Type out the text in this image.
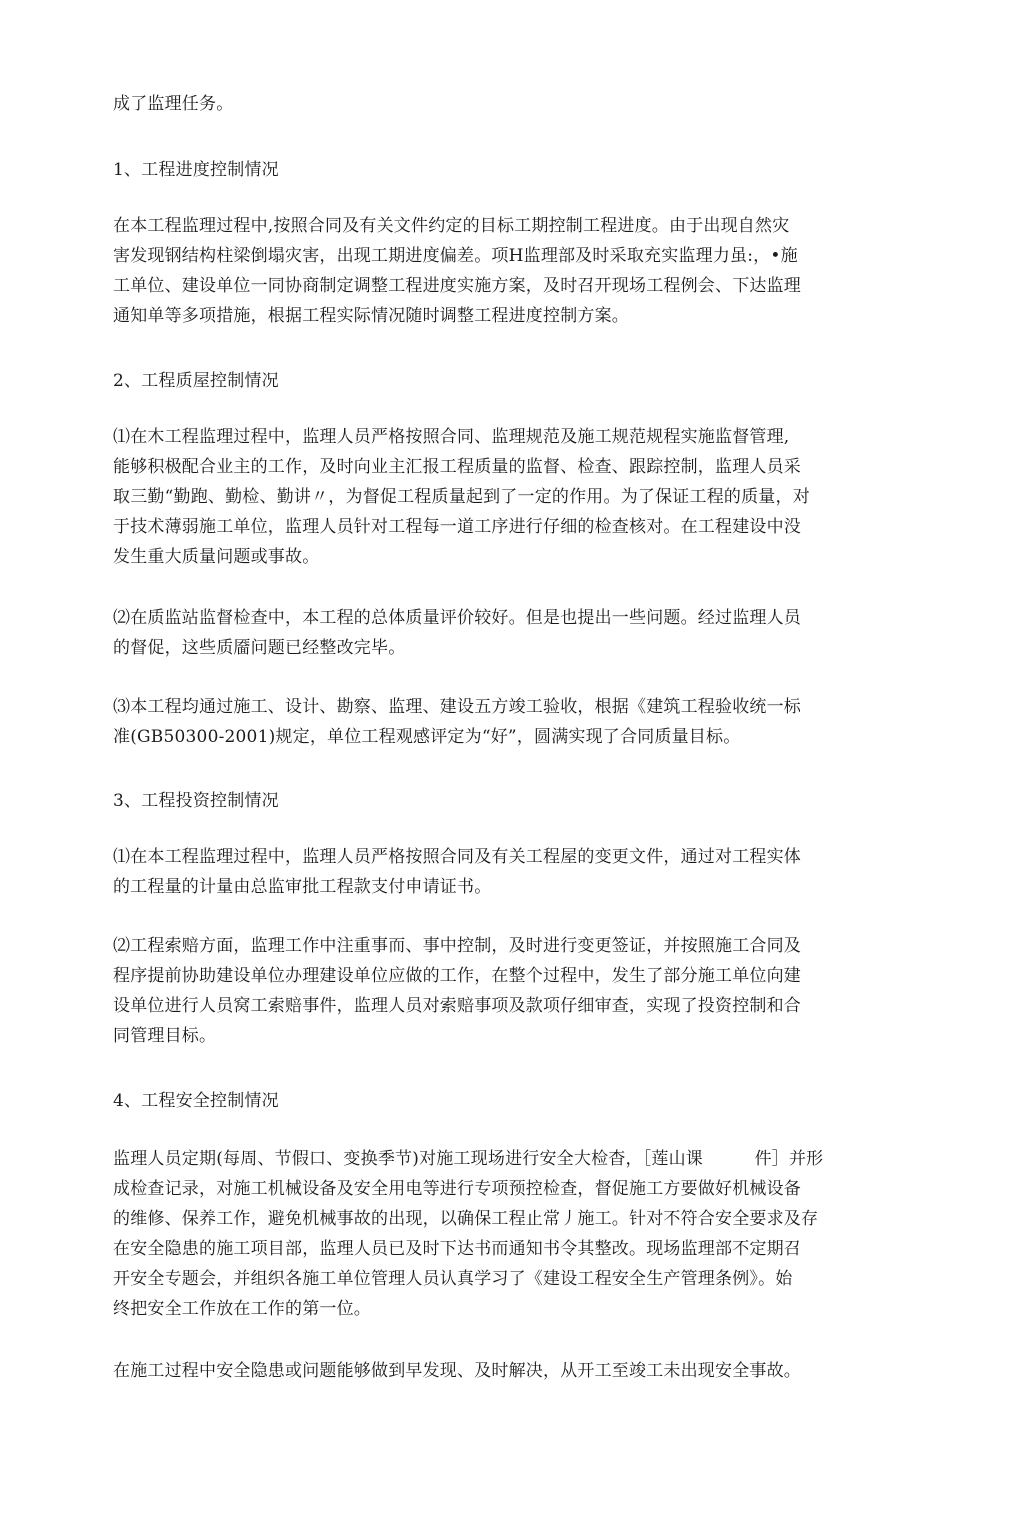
成了监理任务。
1、工程进度控制情况
在本工程监理过程中,按照合同及有关文件约定的目标工期控制工程进度。由于出现自然灾
害发现钢结构柱梁倒塌灾害，出现工期进度偏差。项H监理部及时采取充实监理力虽:，•施
工单位、建设单位一同协商制定调整工程进度实施方案，及时召开现场工程例会、下达监理
通知单等多项措施，根据工程实际情况随时调整工程进度控制方案。
2、工程质屋控制情况
⑴在木工程监理过程中，监理人员严格按照合同、监理规范及施工规范规程实施监督管理,
能够积极配合业主的工作，及时向业主汇报工程质量的监督、检查、跟踪控制，监理人员采
取三勤“勤跑、勤检、勤讲〃，为督促工程质量起到了一定的作用。为了保证工程的质量，对
于技术薄弱施工单位，监理人员针对工程每一道工序进行仔细的检查核对。在工程建设中没
发生重大质量问题或事故。
⑵在质监站监督检查中，本工程的总体质量评价较好。但是也提出一些问题。经过监理人员
的督促，这些质靥问题已经整改完毕。
⑶本工程均通过施工、设计、勘察、监理、建设五方竣工验收，根据《建筑工程验收统一标
准(GB50300-2001)规定，单位工程观感评定为“好”，圆满实现了合同质量目标。
3、工程投资控制情况
⑴在本工程监理过程中，监理人员严格按照合同及有关工程屋的变更文件，通过对工程实体
的工程量的计量由总监审批工程款支付申请证书。
⑵工程索赔方面，监理工作中注重事而、事中控制，及时进行变更签证，并按照施工合同及
程序提前协助建设单位办理建设单位应做的工作，在整个过程中，发生了部分施工单位向建
设单位进行人员窝工索赔事件，监理人员对索赔事项及款项仔细审查，实现了投资控制和合
同管理目标。
4、工程安全控制情况
监理人员定期(每周、节假口、变换季节)对施工现场进行安全大检杳，［莲山课　　　件］并形
成检查记录，对施工机械设备及安全用电等进行专项预控检查，督促施工方要做好机械设备
的维修、保养工作，避免机械事故的出现，以确保工程止常丿施工。针对不符合安全要求及存
在安全隐患的施工项目部，监理人员已及时下达书而通知书令其整改。现场监理部不定期召
开安全专题会，并组织各施工单位管理人员认真学习了《建设工程安全生产管理条例》。始
终把安全工作放在工作的第一位。
在施工过程中安全隐患或问题能够做到早发现、及时解决，从开工至竣工未出现安全事故。
